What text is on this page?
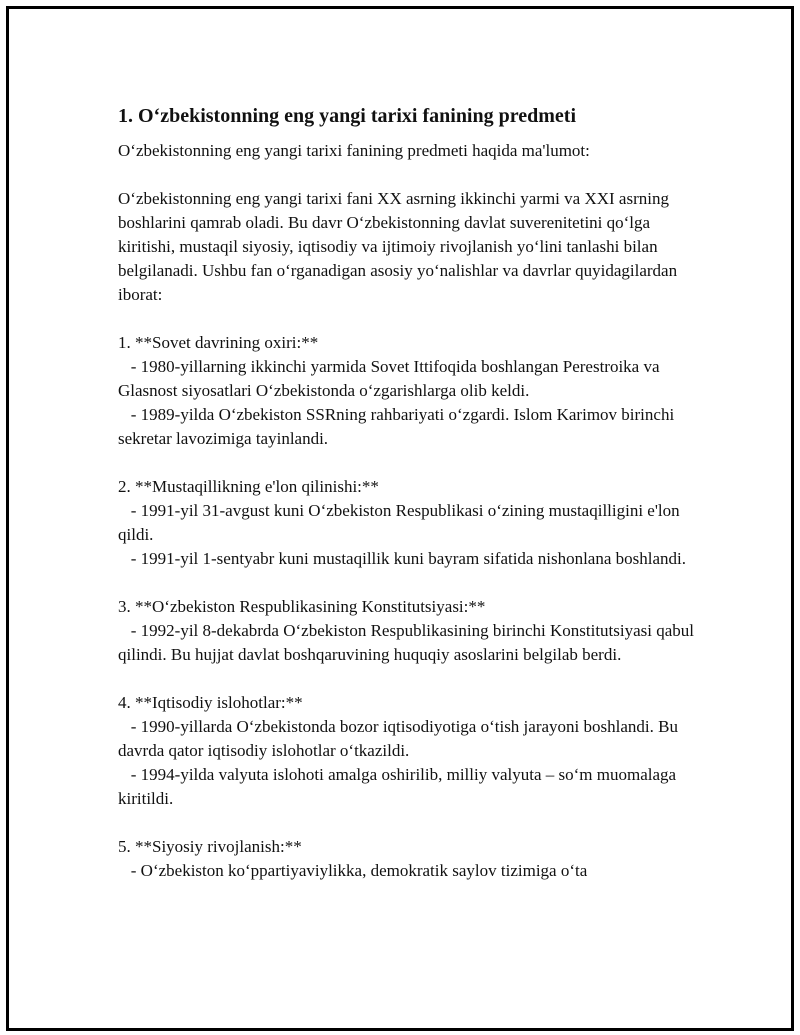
1. O‘zbekistonning eng yangi tarixi fanining predmeti

O‘zbekistonning eng yangi tarixi fanining predmeti haqida ma'lumot:

O‘zbekistonning eng yangi tarixi fani XX asrning ikkinchi yarmi va XXI asrning boshlarini qamrab oladi. Bu davr O‘zbekistonning davlat suverenitetini qo‘lga kiritishi, mustaqil siyosiy, iqtisodiy va ijtimoiy rivojlanish yo‘lini tanlashi bilan belgilanadi. Ushbu fan o‘rganadigan asosiy yo‘nalishlar va davrlar quyidagilardan iborat:

1. **Sovet davrining oxiri:**

- 1980-yillarning ikkinchi yarmida Sovet Ittifoqida boshlangan Perestroika va Glasnost siyosatlari O‘zbekistonda o‘zgarishlarga olib keldi.

- 1989-yilda O‘zbekiston SSRning rahbariyati o‘zgardi. Islom Karimov birinchi sekretar lavozimiga tayinlandi.

2. **Mustaqillikning e'lon qilinishi:**

- 1991-yil 31-avgust kuni O‘zbekiston Respublikasi o‘zining mustaqilligini e'lon qildi.

- 1991-yil 1-sentyabr kuni mustaqillik kuni bayram sifatida nishonlana boshlandi.

3. **O‘zbekiston Respublikasining Konstitutsiyasi:**

- 1992-yil 8-dekabrda O‘zbekiston Respublikasining birinchi Konstitutsiyasi qabul qilindi. Bu hujjat davlat boshqaruvining huquqiy asoslarini belgilab berdi.

4. **Iqtisodiy islohotlar:**

- 1990-yillarda O‘zbekistonda bozor iqtisodiyotiga o‘tish jarayoni boshlandi. Bu davrda qator iqtisodiy islohotlar o‘tkazildi.

- 1994-yilda valyuta islohoti amalga oshirilib, milliy valyuta – so‘m muomalaga kiritildi.

5. **Siyosiy rivojlanish:**

- O‘zbekiston ko‘ppartiyaviylikka, demokratik saylov tizimiga o‘ta
